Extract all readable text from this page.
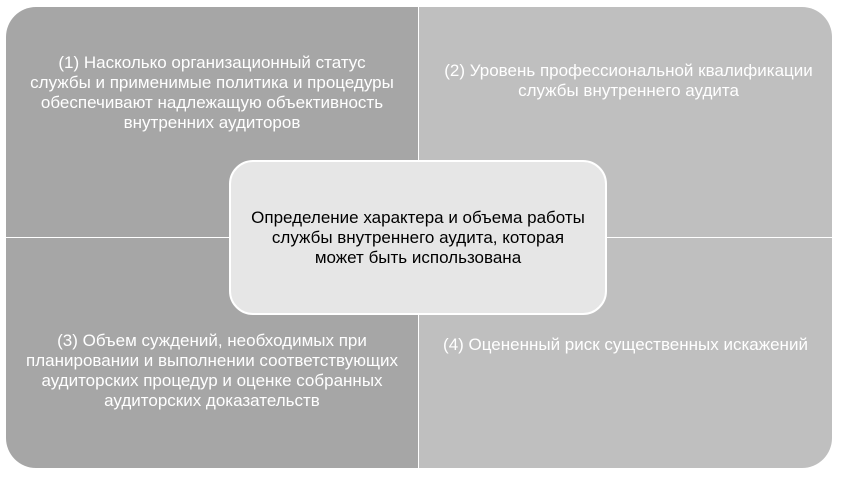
(1) Насколько организационный статус службы и применимые политика и процедуры обеспечивают надлежащую объективность внутренних аудиторов
(2) Уровень профессиональной квалификации службы внутреннего аудита
(3) Объем суждений, необходимых при планировании и выполнении соответствующих аудиторских процедур и оценке собранных аудиторских доказательств
(4) Оцененный риск существенных искажений
Определение характера и объема работы службы внутреннего аудита, которая может быть использована
